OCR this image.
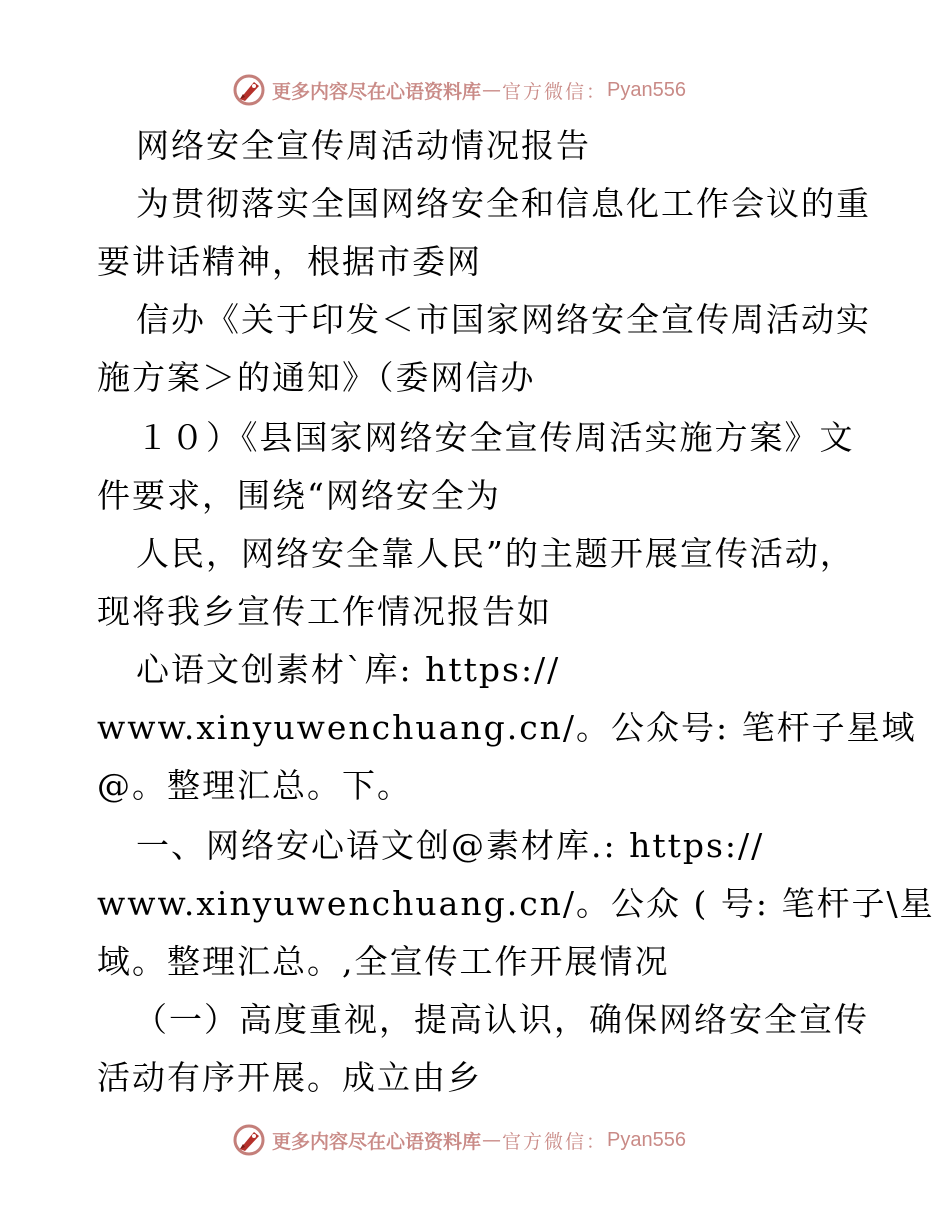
更多内容尽在心语资料库 — 官方微信： Pyan556
网络安全宣传周活动情况报告
为贯彻落实全国网络安全和信息化工作会议的重
要讲话精神，根据市委网
信办《关于印发＜市国家网络安全宣传周活动实
施方案＞的通知》（委网信办
１０）《县国家网络安全宣传周活实施方案》文
件要求，围绕“网络安全为
人民，网络安全靠人民”的主题开展宣传活动，
现将我乡宣传工作情况报告如
心语文创素材`库: https://
www.xinyuwenchuang.cn/。公众号: 笔杆子星域
@。整理汇总。下。
一、网络安心语文创@素材库.: https://
www.xinyuwenchuang.cn/。公众 ( 号: 笔杆子\星
域。整理汇总。,全宣传工作开展情况
（一）高度重视，提高认识，确保网络安全宣传
活动有序开展。成立由乡
更多内容尽在心语资料库 — 官方微信： Pyan556
